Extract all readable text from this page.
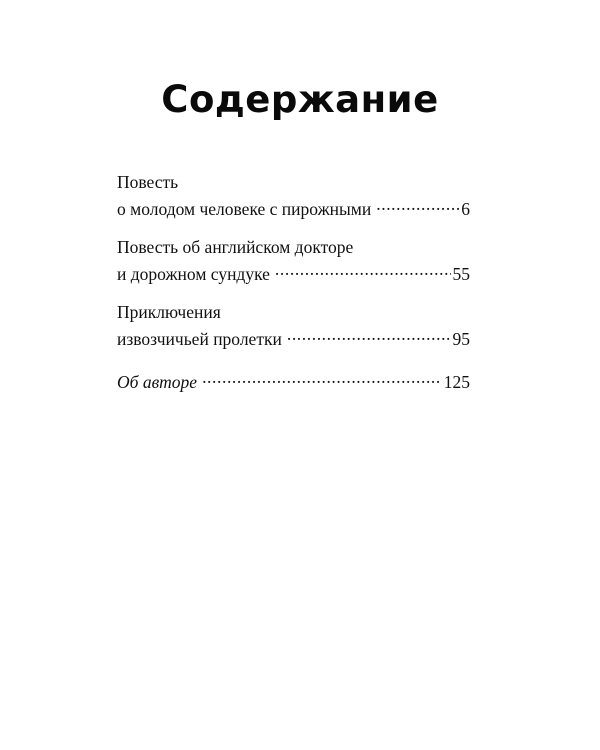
Содержание
Повесть
о молодом человеке с пирожными .....	6
Повесть об английском докторе
и дорожном сундуке .....	55
Приключения
извозчичьей пролетки .....	95
Об авторе .....	125
